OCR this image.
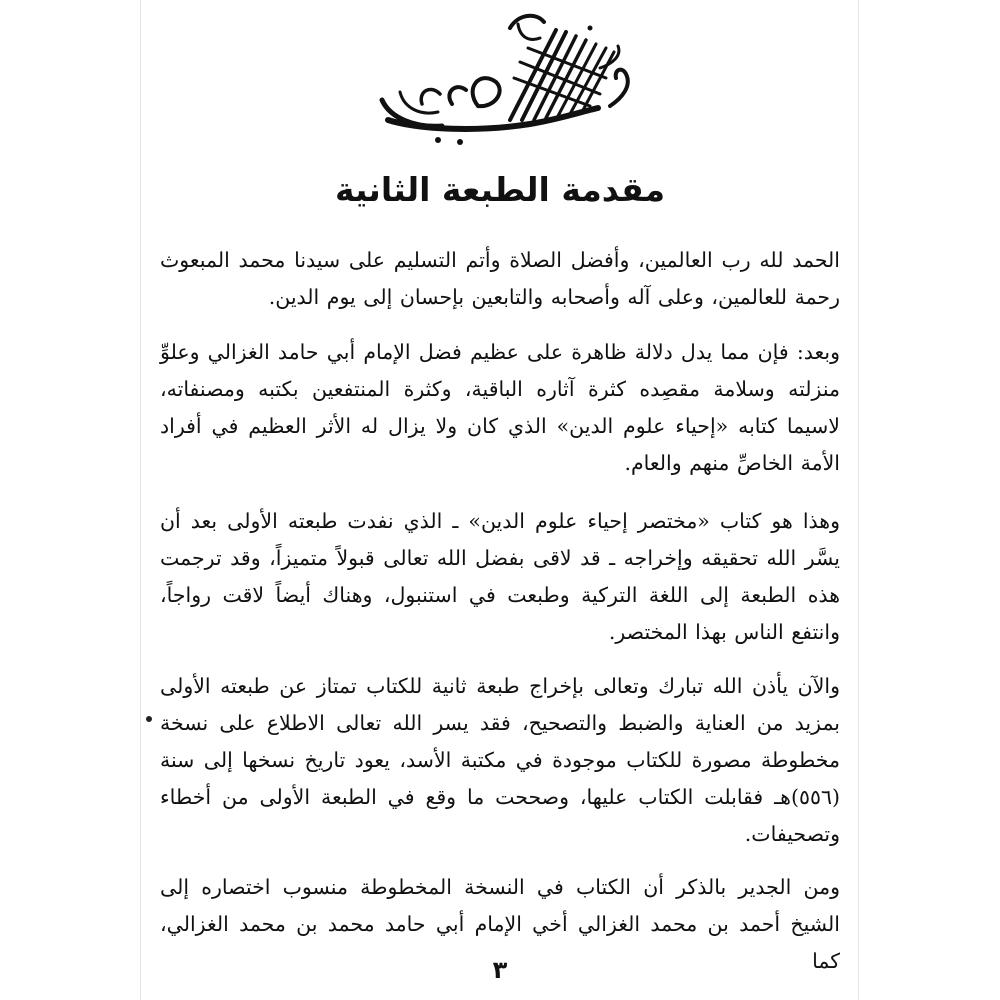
مقدمة الطبعة الثانية

الحمد لله رب العالمين، وأفضل الصلاة وأتم التسليم على سيدنا محمد المبعوث رحمة للعالمين، وعلى آله وأصحابه والتابعين بإحسان إلى يوم الدين.

وبعد: فإن مما يدل دلالة ظاهرة على عظيم فضل الإمام أبي حامد الغزالي وعلوِّ منزلته وسلامة مقصِده كثرة آثاره الباقية، وكثرة المنتفعين بكتبه ومصنفاته، لاسيما كتابه «إحياء علوم الدين» الذي كان ولا يزال له الأثر العظيم في أفراد الأمة الخاصِّ منهم والعام.

وهذا هو كتاب «مختصر إحياء علوم الدين» ـ الذي نفدت طبعته الأولى بعد أن يسَّر الله تحقيقه وإخراجه ـ قد لاقى بفضل الله تعالى قبولاً متميزاً، وقد ترجمت هذه الطبعة إلى اللغة التركية وطبعت في استنبول، وهناك أيضاً لاقت رواجاً، وانتفع الناس بهذا المختصر.

والآن يأذن الله تبارك وتعالى بإخراج طبعة ثانية للكتاب تمتاز عن طبعته الأولى بمزيد من العناية والضبط والتصحيح، فقد يسر الله تعالى الاطلاع على نسخة مخطوطة مصورة للكتاب موجودة في مكتبة الأسد، يعود تاريخ نسخها إلى سنة (٥٥٦)هـ فقابلت الكتاب عليها، وصححت ما وقع في الطبعة الأولى من أخطاء وتصحيفات.

ومن الجدير بالذكر أن الكتاب في النسخة المخطوطة منسوب اختصاره إلى الشيخ أحمد بن محمد الغزالي أخي الإمام أبي حامد محمد بن محمد الغزالي، كما

٣
